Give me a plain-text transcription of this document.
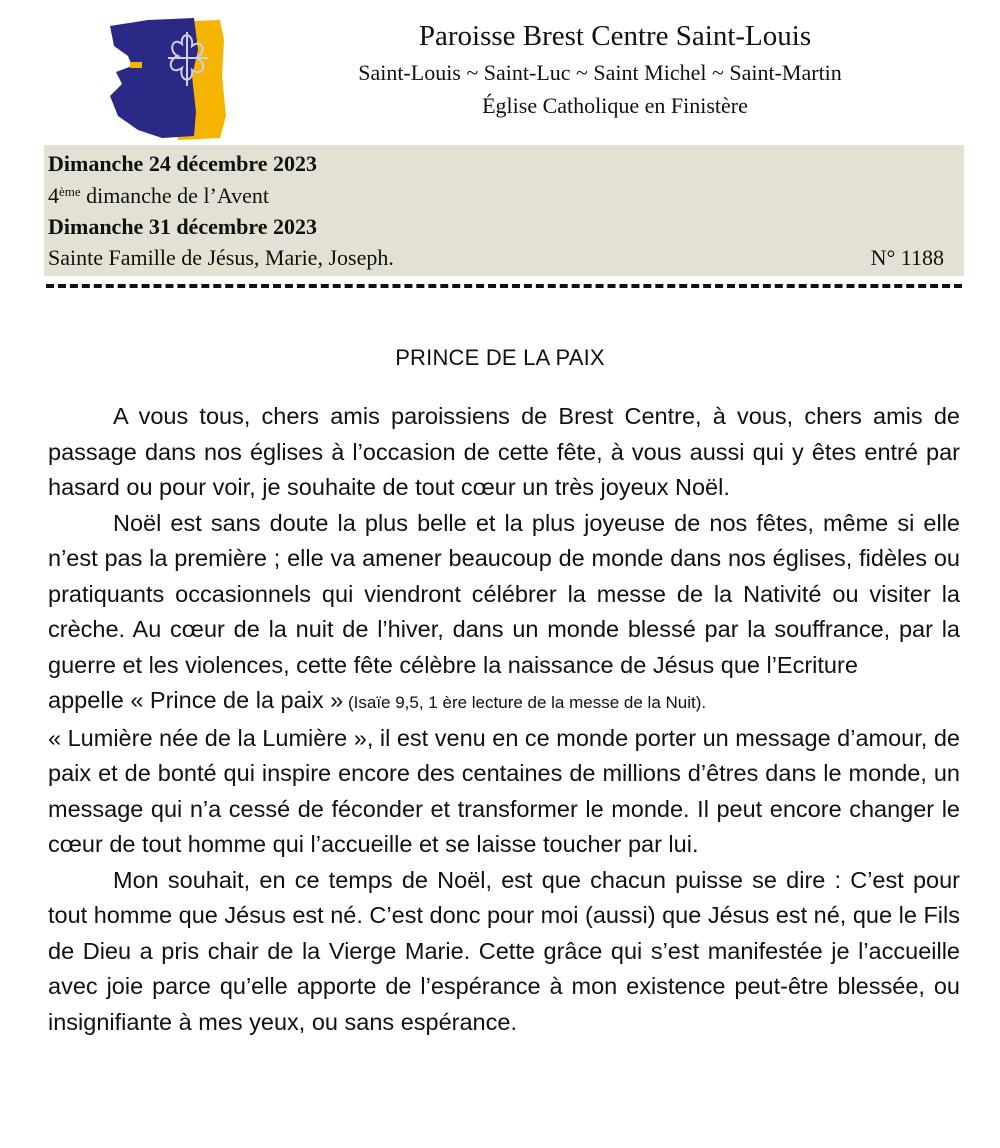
Paroisse Brest Centre Saint-Louis
Saint-Louis ~ Saint-Luc ~ Saint Michel ~ Saint-Martin
Église Catholique en Finistère
Dimanche 24 décembre 2023
4ème dimanche de l’Avent
Dimanche 31 décembre 2023
Sainte Famille de Jésus, Marie, Joseph.	N° 1188
PRINCE DE LA PAIX

A vous tous, chers amis paroissiens de Brest Centre, à vous, chers amis de passage dans nos églises à l’occasion de cette fête, à vous aussi qui y êtes entré par hasard ou pour voir, je souhaite de tout cœur un très joyeux Noël.

Noël est sans doute la plus belle et la plus joyeuse de nos fêtes, même si elle n’est pas la première ; elle va amener beaucoup de monde dans nos églises, fidèles ou pratiquants occasionnels qui viendront célébrer la messe de la Nativité ou visiter la crèche. Au cœur de la nuit de l’hiver, dans un monde blessé par la souffrance, par la guerre et les violences, cette fête célèbre la naissance de Jésus que l’Ecriture

appelle « Prince de la paix » (Isaïe 9,5, 1 ère lecture de la messe de la Nuit).

« Lumière née de la Lumière », il est venu en ce monde porter un message d’amour, de paix et de bonté qui inspire encore des centaines de millions d’êtres dans le monde, un message qui n’a cessé de féconder et transformer le monde. Il peut encore changer le cœur de tout homme qui l’accueille et se laisse toucher par lui.

Mon souhait, en ce temps de Noël, est que chacun puisse se dire : C’est pour tout homme que Jésus est né. C’est donc pour moi (aussi) que Jésus est né, que le Fils de Dieu a pris chair de la Vierge Marie. Cette grâce qui s’est manifestée je l’accueille avec joie parce qu’elle apporte de l’espérance à mon existence peut-être blessée, ou insignifiante à mes yeux, ou sans espérance.
